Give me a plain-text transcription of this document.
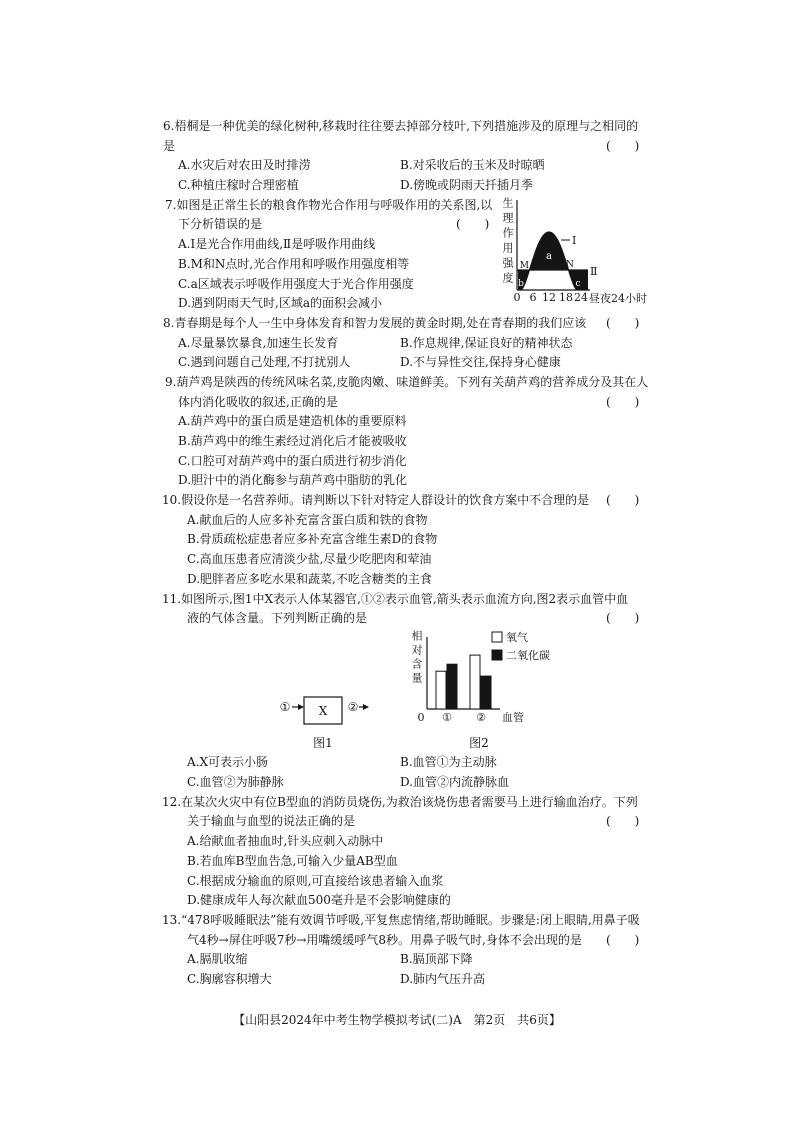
6.梧桐是一种优美的绿化树种,移栽时往往要去掉部分枝叶,下列措施涉及的原理与之相同的
是	(　　)
A.水灾后对农田及时排涝	B.对采收后的玉米及时晾晒
C.种植庄稼时合理密植	D.傍晚或阴雨天扦插月季
7.如图是正常生长的粮食作物光合作用与呼吸作用的关系图,以
下分析错误的是	(　　)
A.Ⅰ是光合作用曲线,Ⅱ是呼吸作用曲线
B.M和N点时,光合作用和呼吸作用强度相等
C.a区域表示呼吸作用强度大于光合作用强度
D.遇到阴雨天气时,区域a的面积会减小
8.青春期是每个人一生中身体发育和智力发展的黄金时期,处在青春期的我们应该 (　　)
A.尽量暴饮暴食,加速生长发育	B.作息规律,保证良好的精神状态
C.遇到问题自己处理,不打扰别人	D.不与异性交往,保持身心健康
9.葫芦鸡是陕西的传统风味名菜,皮脆肉嫩、味道鲜美。下列有关葫芦鸡的营养成分及其在人
体内消化吸收的叙述,正确的是	(　　)
A.葫芦鸡中的蛋白质是建造机体的重要原料
B.葫芦鸡中的维生素经过消化后才能被吸收
C.口腔可对葫芦鸡中的蛋白质进行初步消化
D.胆汁中的消化酶参与葫芦鸡中脂肪的乳化
10.假设你是一名营养师。请判断以下针对特定人群设计的饮食方案中不合理的是 (　　)
A.献血后的人应多补充富含蛋白质和铁的食物
B.骨质疏松症患者应多补充富含维生素D的食物
C.高血压患者应清淡少盐,尽量少吃肥肉和荤油
D.肥胖者应多吃水果和蔬菜,不吃含糖类的主食
11.如图所示,图1中X表示人体某器官,①②表示血管,箭头表示血流方向,图2表示血管中血
液的气体含量。下列判断正确的是	(　　)
① X ②
图1
0 ① ② 血管
氧气
二氧化碳
图2
相对含量
A.X可表示小肠	B.血管①为主动脉
C.血管②为肺静脉	D.血管②内流静脉血
12.在某次火灾中有位B型血的消防员烧伤,为救治该烧伤患者需要马上进行输血治疗。下列
关于输血与血型的说法正确的是	(　　)
A.给献血者抽血时,针头应刺入动脉中
B.若血库B型血告急,可输入少量AB型血
C.根据成分输血的原则,可直接给该患者输入血浆
D.健康成年人每次献血500毫升是不会影响健康的
13.“478呼吸睡眠法”能有效调节呼吸,平复焦虑情绪,帮助睡眠。步骤是:闭上眼睛,用鼻子吸
气4秒→屏住呼吸7秒→用嘴缓缓呼气8秒。用鼻子吸气时,身体不会出现的是 (　　)
A.膈肌收缩	B.膈顶部下降
C.胸廓容积增大	D.肺内气压升高
Ⅰ
Ⅱ
a
b	c
M	N
0 6 12 18 24 昼夜24小时
生理作用强度
【山阳县2024年中考生物学模拟考试(二)A　第2页　共6页】
